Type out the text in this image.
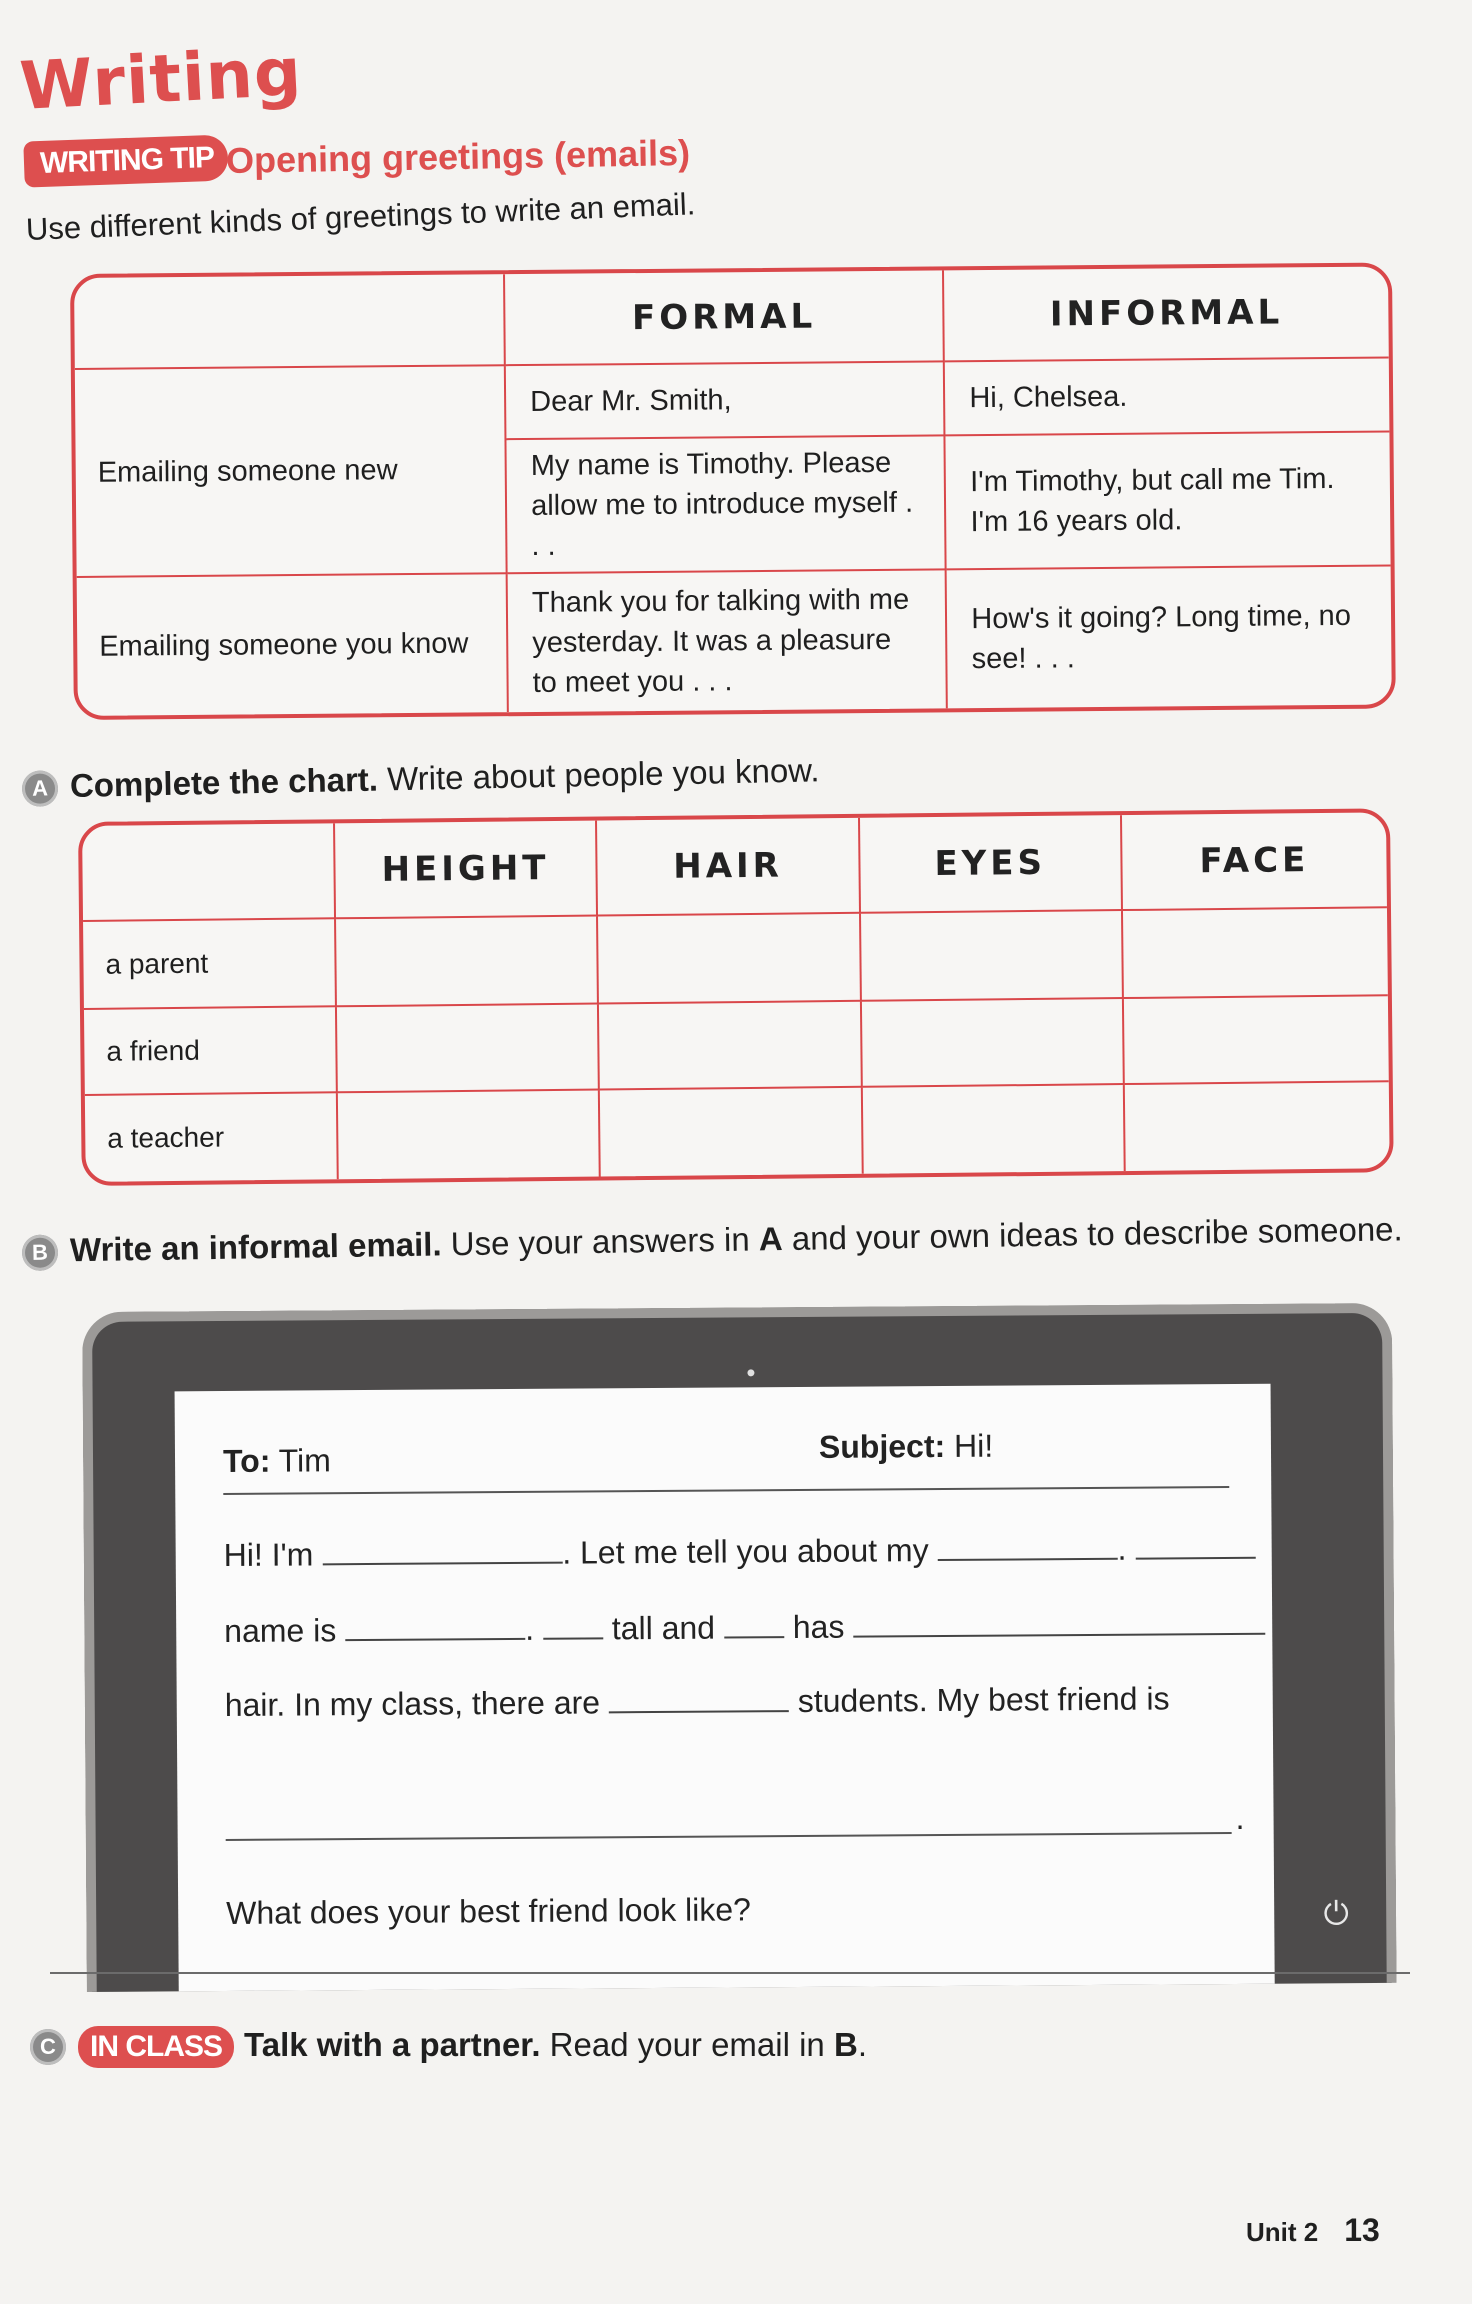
Writing
WRITING TIP Opening greetings (emails)
Use different kinds of greetings to write an email.
	FORMAL	INFORMAL
Emailing someone new	Dear Mr. Smith,	Hi, Chelsea.
	My name is Timothy. Please allow me to introduce myself . . .	I'm Timothy, but call me Tim. I'm 16 years old.
Emailing someone you know	Thank you for talking with me yesterday. It was a pleasure to meet you . . .	How's it going? Long time, no see! . . .
A Complete the chart. Write about people you know.
	HEIGHT	HAIR	EYES	FACE
a parent				
a friend				
a teacher				
B Write an informal email. Use your answers in A and your own ideas to describe someone.
⏻
To: Tim	Subject: Hi!
Hi! I'm	. Let me tell you about my	.
name is	.  tall and  has
hair. In my class, there are	students. My best friend is
.
What does your best friend look like?
C IN CLASS Talk with a partner. Read your email in B.
Unit 2 13
